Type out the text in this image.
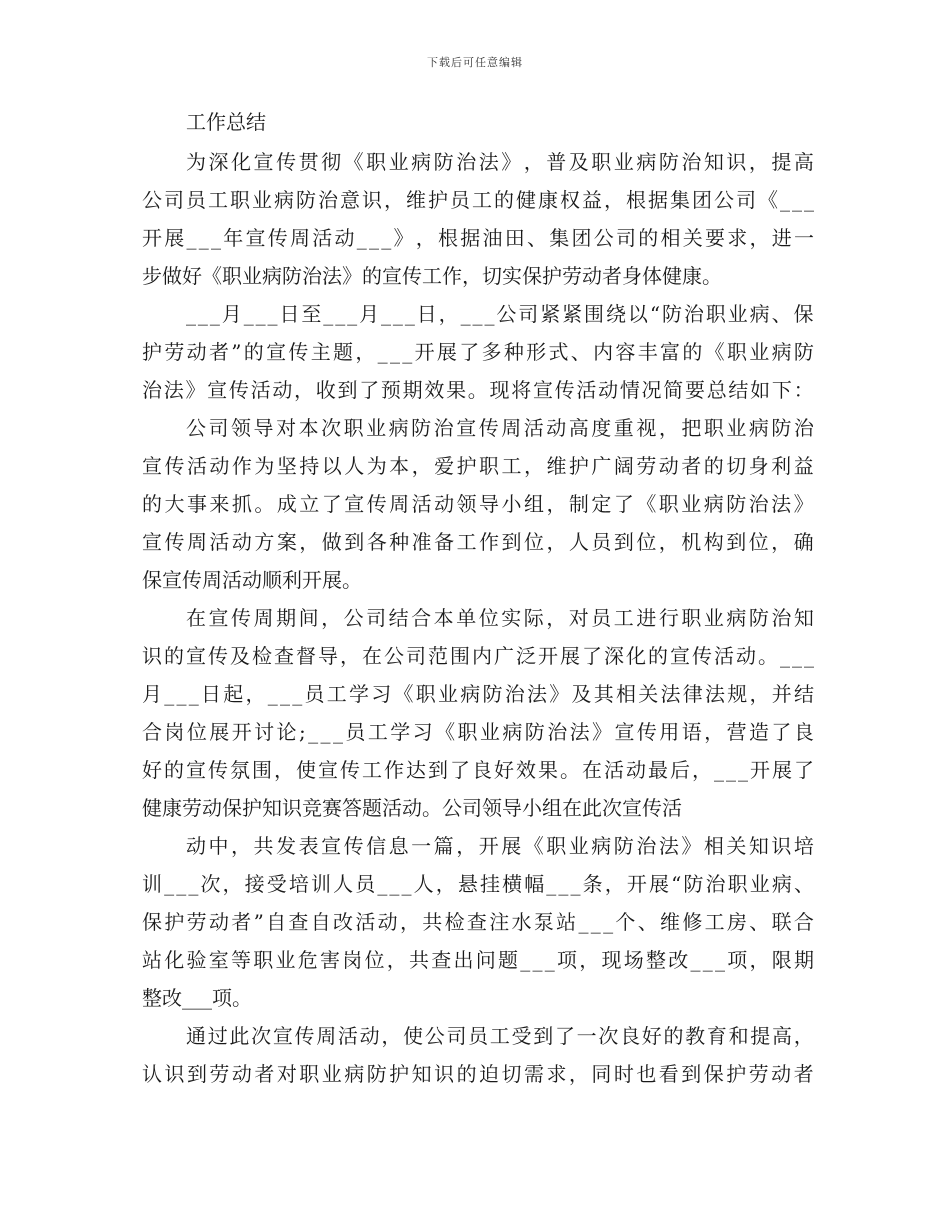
下载后可任意编辑
工作总结
为 深 化 宣 传 贯 彻 《 职 业 病 防 治 法 》 ， 普 及 职 业 病 防 治 知 识 ， 提 高
公 司 员 工 职 业 病 防 治 意 识 ， 维 护 员 工 的 健 康 权 益 ， 根 据 集 团 公 司 《 _ _ _
开 展 _ _ _ 年 宣 传 周 活 动 _ _ _ 》 ， 根 据 油 田 、 集 团 公 司 的 相 关 要 求 ， 进 一
步做好《职业病防治法》的宣传工作，切实保护劳动者身体健康。
_ _ _ 月 _ _ _ 日 至 _ _ _ 月 _ _ _ 日 ， _ _ _ 公 司 紧 紧 围 绕 以 “ 防 治 职 业 病 、 保
护 劳 动 者 ” 的 宣 传 主 题 ， _ _ _ 开 展 了 多 种 形 式 、 内 容 丰 富 的 《 职 业 病 防
治 法 》 宣 传 活 动 ， 收 到 了 预 期 效 果 。 现 将 宣 传 活 动 情 况 简 要 总 结 如 下 ：
公 司 领 导 对 本 次 职 业 病 防 治 宣 传 周 活 动 高 度 重 视 ， 把 职 业 病 防 治
宣 传 活 动 作 为 坚 持 以 人 为 本 ， 爱 护 职 工 ， 维 护 广 阔 劳 动 者 的 切 身 利 益
的 大 事 来 抓 。 成 立 了 宣 传 周 活 动 领 导 小 组 ， 制 定 了 《 职 业 病 防 治 法 》
宣 传 周 活 动 方 案 ， 做 到 各 种 准 备 工 作 到 位 ， 人 员 到 位 ， 机 构 到 位 ， 确
保宣传周活动顺利开展。
在 宣 传 周 期 间 ， 公 司 结 合 本 单 位 实 际 ， 对 员 工 进 行 职 业 病 防 治 知
识 的 宣 传 及 检 查 督 导 ， 在 公 司 范 围 内 广 泛 开 展 了 深 化 的 宣 传 活 动 。 _ _ _
月 _ _ _ 日 起 ， _ _ _ 员 工 学 习 《 职 业 病 防 治 法 》 及 其 相 关 法 律 法 规 ， 并 结
合 岗 位 展 开 讨 论 ; _ _ _ 员 工 学 习 《 职 业 病 防 治 法 》 宣 传 用 语 ， 营 造 了 良
好 的 宣 传 氛 围 ， 使 宣 传 工 作 达 到 了 良 好 效 果 。 在 活 动 最 后 ， _ _ _ 开 展 了
健康劳动保护知识竞赛答题活动。公司领导小组在此次宣传活
动 中 ， 共 发 表 宣 传 信 息 一 篇 ， 开 展 《 职 业 病 防 治 法 》 相 关 知 识 培
训 _ _ _ 次 ， 接 受 培 训 人 员 _ _ _ 人 ， 悬 挂 横 幅 _ _ _ 条 ， 开 展 “ 防 治 职 业 病 、
保 护 劳 动 者 ” 自 查 自 改 活 动 ， 共 检 查 注 水 泵 站 _ _ _ 个 、 维 修 工 房 、 联 合
站 化 验 室 等 职 业 危 害 岗 位 ， 共 查 出 问 题 _ _ _ 项 ， 现 场 整 改 _ _ _ 项 ， 限 期
整改___项。
通 过 此 次 宣 传 周 活 动 ， 使 公 司 员 工 受 到 了 一 次 良 好 的 教 育 和 提 高 ，
认 识 到 劳 动 者 对 职 业 病 防 护 知 识 的 迫 切 需 求 ， 同 时 也 看 到 保 护 劳 动 者
